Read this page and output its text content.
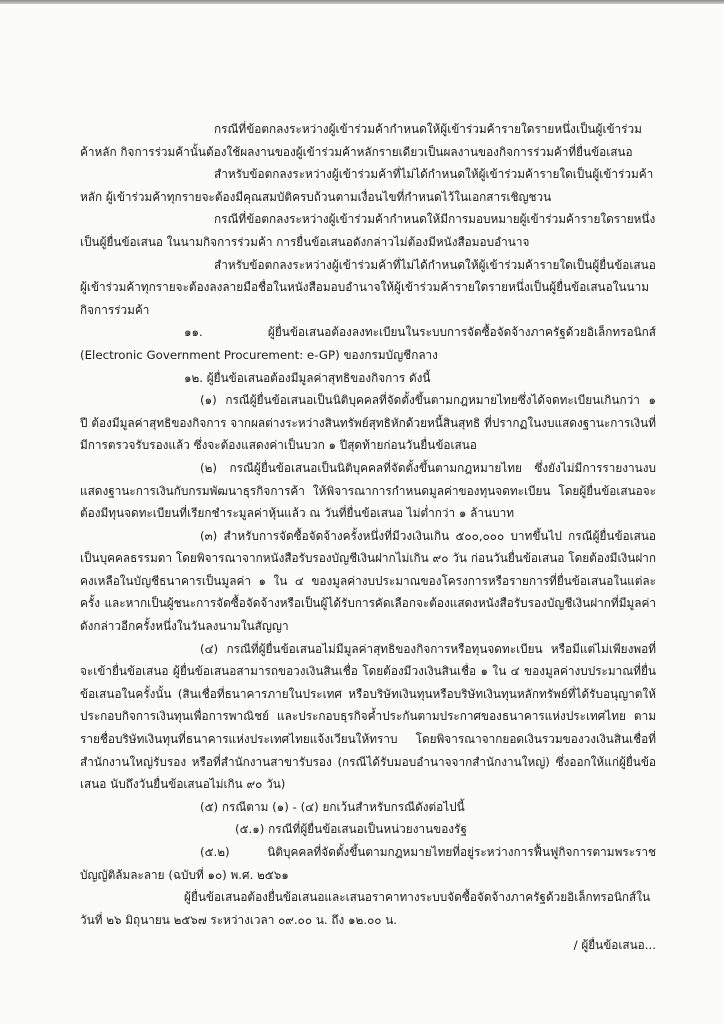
กรณีที่ข้อตกลงระหว่างผู้เข้าร่วมค้ากำหนดให้ผู้เข้าร่วมค้ารายใดรายหนึ่งเป็นผู้เข้าร่วมค้าหลัก กิจการร่วมค้านั้นต้องใช้ผลงานของผู้เข้าร่วมค้าหลักรายเดียวเป็นผลงานของกิจการร่วมค้าที่ยื่นข้อเสนอ

สำหรับข้อตกลงระหว่างผู้เข้าร่วมค้าที่ไม่ได้กำหนดให้ผู้เข้าร่วมค้ารายใดเป็นผู้เข้าร่วมค้าหลัก ผู้เข้าร่วมค้าทุกรายจะต้องมีคุณสมบัติครบถ้วนตามเงื่อนไขที่กำหนดไว้ในเอกสารเชิญชวน

กรณีที่ข้อตกลงระหว่างผู้เข้าร่วมค้ากำหนดให้มีการมอบหมายผู้เข้าร่วมค้ารายใดรายหนึ่ง เป็นผู้ยื่นข้อเสนอ ในนามกิจการร่วมค้า การยื่นข้อเสนอดังกล่าวไม่ต้องมีหนังสือมอบอำนาจ

สำหรับข้อตกลงระหว่างผู้เข้าร่วมค้าที่ไม่ได้กำหนดให้ผู้เข้าร่วมค้ารายใดเป็นผู้ยื่นข้อเสนอผู้เข้าร่วมค้าทุกรายจะต้องลงลายมือชื่อในหนังสือมอบอำนาจให้ผู้เข้าร่วมค้ารายใดรายหนึ่งเป็นผู้ยื่นข้อเสนอในนามกิจการร่วมค้า

๑๑. ผู้ยื่นข้อเสนอต้องลงทะเบียนในระบบการจัดซื้อจัดจ้างภาครัฐด้วยอิเล็กทรอนิกส์ (Electronic Government Procurement: e-GP) ของกรมบัญชีกลาง

๑๒. ผู้ยื่นข้อเสนอต้องมีมูลค่าสุทธิของกิจการ ดังนี้

(๑) กรณีผู้ยื่นข้อเสนอเป็นนิติบุคคลที่จัดตั้งขึ้นตามกฎหมายไทยซึ่งได้จดทะเบียนเกินกว่า ๑ ปี ต้องมีมูลค่าสุทธิของกิจการ จากผลต่างระหว่างสินทรัพย์สุทธิหักด้วยหนี้สินสุทธิ ที่ปรากฏในงบแสดงฐานะการเงินที่มีการตรวจรับรองแล้ว ซึ่งจะต้องแสดงค่าเป็นบวก ๑ ปีสุดท้ายก่อนวันยื่นข้อเสนอ

(๒) กรณีผู้ยื่นข้อเสนอเป็นนิติบุคคลที่จัดตั้งขึ้นตามกฎหมายไทย ซึ่งยังไม่มีการรายงานงบแสดงฐานะการเงินกับกรมพัฒนาธุรกิจการค้า ให้พิจารณาการกำหนดมูลค่าของทุนจดทะเบียน โดยผู้ยื่นข้อเสนอจะต้องมีทุนจดทะเบียนที่เรียกชำระมูลค่าหุ้นแล้ว ณ วันที่ยื่นข้อเสนอ ไม่ต่ำกว่า ๑ ล้านบาท

(๓) สำหรับการจัดซื้อจัดจ้างครั้งหนึ่งที่มีวงเงินเกิน ๕๐๐,๐๐๐ บาทขึ้นไป กรณีผู้ยื่นข้อเสนอเป็นบุคคลธรรมดา โดยพิจารณาจากหนังสือรับรองบัญชีเงินฝากไม่เกิน ๙๐ วัน ก่อนวันยื่นข้อเสนอ โดยต้องมีเงินฝากคงเหลือในบัญชีธนาคารเป็นมูลค่า ๑ ใน ๔ ของมูลค่างบประมาณของโครงการหรือรายการที่ยื่นข้อเสนอในแต่ละครั้ง และหากเป็นผู้ชนะการจัดซื้อจัดจ้างหรือเป็นผู้ได้รับการคัดเลือกจะต้องแสดงหนังสือรับรองบัญชีเงินฝากที่มีมูลค่าดังกล่าวอีกครั้งหนึ่งในวันลงนามในสัญญา

(๔) กรณีที่ผู้ยื่นข้อเสนอไม่มีมูลค่าสุทธิของกิจการหรือทุนจดทะเบียน หรือมีแต่ไม่เพียงพอที่จะเข้ายื่นข้อเสนอ ผู้ยื่นข้อเสนอสามารถขอวงเงินสินเชื่อ โดยต้องมีวงเงินสินเชื่อ ๑ ใน ๔ ของมูลค่างบประมาณที่ยื่นข้อเสนอในครั้งนั้น (สินเชื่อที่ธนาคารภายในประเทศ หรือบริษัทเงินทุนหรือบริษัทเงินทุนหลักทรัพย์ที่ได้รับอนุญาตให้ประกอบกิจการเงินทุนเพื่อการพาณิชย์ และประกอบธุรกิจค้ำประกันตามประกาศของธนาคารแห่งประเทศไทย ตามรายชื่อบริษัทเงินทุนที่ธนาคารแห่งประเทศไทยแจ้งเวียนให้ทราบ โดยพิจารณาจากยอดเงินรวมของวงเงินสินเชื่อที่สำนักงานใหญ่รับรอง หรือที่สำนักงานสาขารับรอง (กรณีได้รับมอบอำนาจจากสำนักงานใหญ่) ซึ่งออกให้แก่ผู้ยื่นข้อเสนอ นับถึงวันยื่นข้อเสนอไม่เกิน ๙๐ วัน)

(๕) กรณีตาม (๑) - (๔) ยกเว้นสำหรับกรณีดังต่อไปนี้

(๕.๑) กรณีที่ผู้ยื่นข้อเสนอเป็นหน่วยงานของรัฐ

(๕.๒) นิติบุคคลที่จัดตั้งขึ้นตามกฎหมายไทยที่อยู่ระหว่างการฟื้นฟูกิจการตามพระราชบัญญัติล้มละลาย (ฉบับที่ ๑๐) พ.ศ. ๒๕๖๑

ผู้ยื่นข้อเสนอต้องยื่นข้อเสนอและเสนอราคาทางระบบจัดซื้อจัดจ้างภาครัฐด้วยอิเล็กทรอนิกส์ในวันที่ ๒๖ มิถุนายน ๒๕๖๗ ระหว่างเวลา ๐๙.๐๐ น. ถึง ๑๒.๐๐ น.

/ ผู้ยื่นข้อเสนอ...
